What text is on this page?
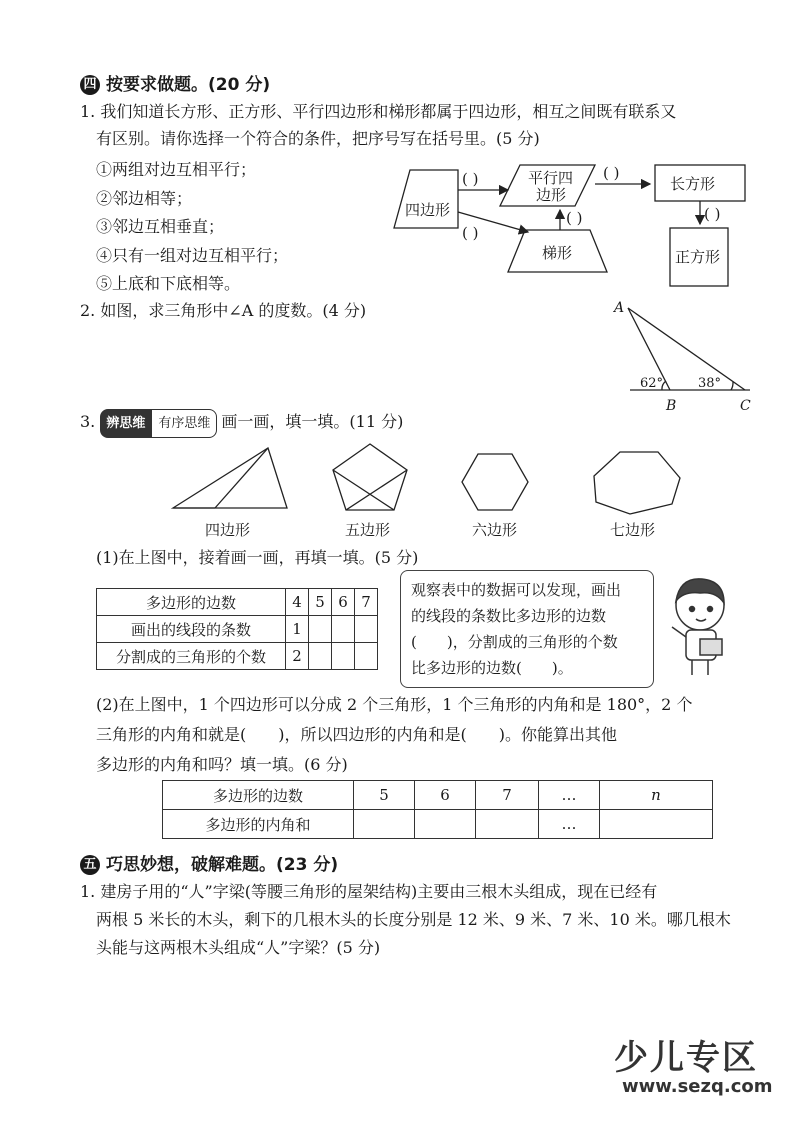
四 按要求做题。(20 分)
1. 我们知道长方形、正方形、平行四边形和梯形都属于四边形，相互之间既有联系又
有区别。请你选择一个符合的条件，把序号写在括号里。(5 分)
①两组对边互相平行；
②邻边相等；
③邻边互相垂直；
④只有一组对边互相平行；
⑤上底和下底相等。
四边形
平行四
边形
长方形
梯形	正方形
( )	( )
( )
( )
( )
2. 如图，求三角形中∠A 的度数。(4 分)	A
B	C
62°	38°
3. 辨思维 有序思维 画一画，填一填。(11 分)
四边形	五边形	六边形	七边形
(1)在上图中，接着画一画，再填一填。(5 分)
多边形的边数	4	5	6	7
画出的线段的条数	1			
分割成的三角形的个数	2			
观察表中的数据可以发现，画出
的线段的条数比多边形的边数
(　　)，分割成的三角形的个数
比多边形的边数(　　)。
(2)在上图中，1 个四边形可以分成 2 个三角形，1 个三角形的内角和是 180°，2 个
三角形的内角和就是(　　)，所以四边形的内角和是(　　)。你能算出其他
多边形的内角和吗？填一填。(6 分)
多边形的边数	5	6	7	…	n
多边形的内角和				…	
五 巧思妙想，破解难题。(23 分)
1. 建房子用的“人”字梁(等腰三角形的屋架结构)主要由三根木头组成，现在已经有
两根 5 米长的木头，剩下的几根木头的长度分别是 12 米、9 米、7 米、10 米。哪几根木
头能与这两根木头组成“人”字梁？(5 分)
少儿专区
www.sezq.com
